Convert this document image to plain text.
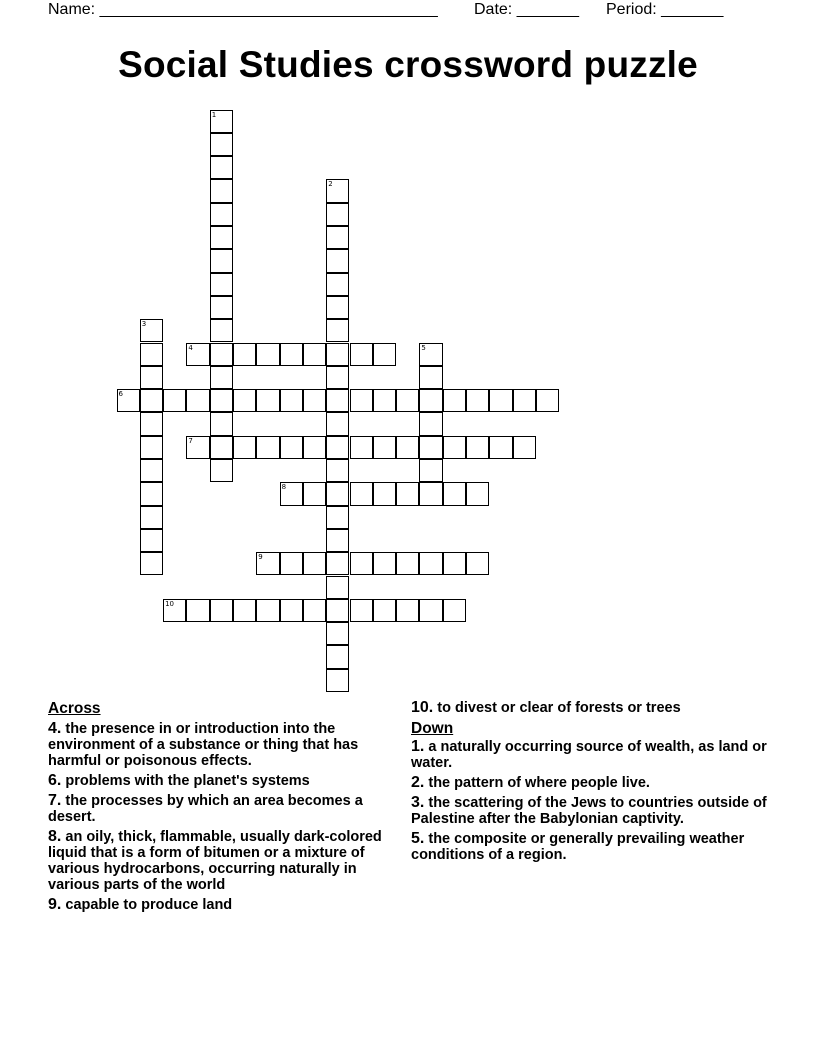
Name: ______________________________________ Date: _______ Period: _______
Social Studies crossword puzzle
1
2
3
4	5
6
7
8
9
10
Across
4. the presence in or introduction into the environment of a substance or thing that has harmful or poisonous effects.
6. problems with the planet's systems
7. the processes by which an area becomes a desert.
8. an oily, thick, flammable, usually dark-colored liquid that is a form of bitumen or a mixture of various hydrocarbons, occurring naturally in various parts of the world
9. capable to produce land
10. to divest or clear of forests or trees
Down
1. a naturally occurring source of wealth, as land or water.
2. the pattern of where people live.
3. the scattering of the Jews to countries outside of Palestine after the Babylonian captivity.
5. the composite or generally prevailing weather conditions of a region.
